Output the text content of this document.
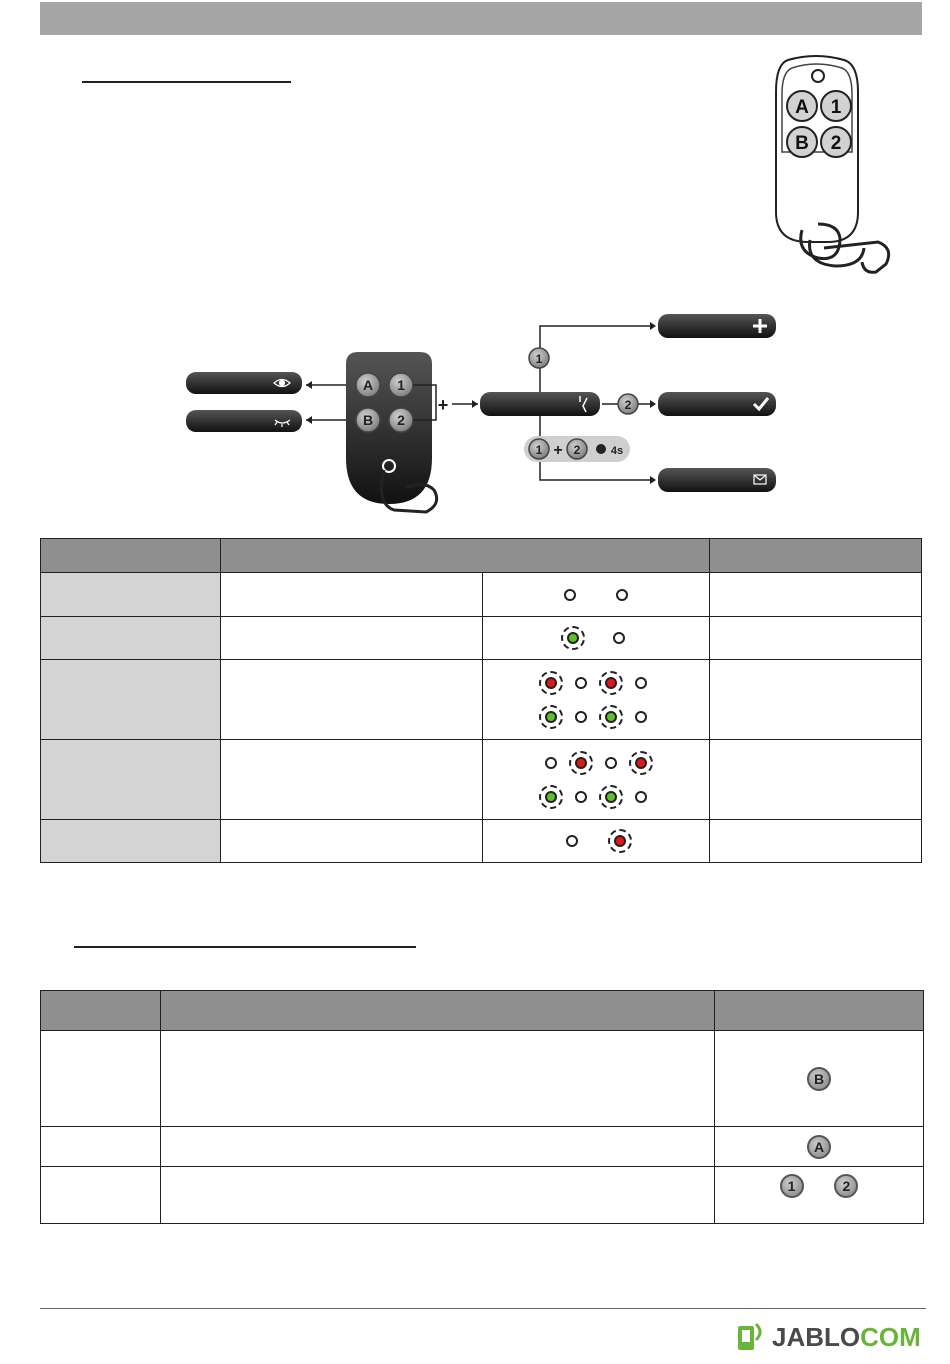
A 1
B 2
A 1
B 2
+
1
2
1 + 2	4s

		B
		A
		1 2
JABLOCOM
